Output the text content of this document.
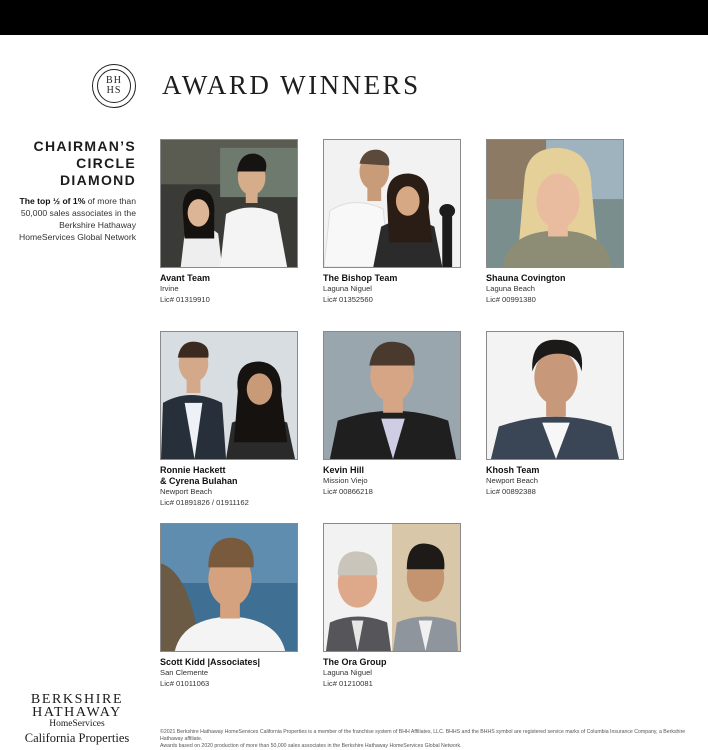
BH
HS AWARD WINNERS
CHAIRMAN’S
CIRCLE
DIAMOND
The top ½ of 1% of more than 50,000 sales associates in the Berkshire Hathaway HomeServices Global Network
Avant Team
Irvine
Lic# 01319910
The Bishop Team
Laguna Niguel
Lic# 01352560
Shauna Covington
Laguna Beach
Lic# 00991380
Ronnie Hackett
& Cyrena Bulahan
Newport Beach
Lic# 01891826 / 01911162
Kevin Hill
Mission Viejo
Lic# 00866218
Khosh Team
Newport Beach
Lic# 00892388
Scott Kidd |Associates|
San Clemente
Lic# 01011063
The Ora Group
Laguna Niguel
Lic# 01210081
BERKSHIRE
HATHAWAY
HomeServices
California Properties	©2021 Berkshire Hathaway HomeServices California Properties is a member of the franchise system of BHH Affiliates, LLC. BHHS and the BHHS symbol are registered service marks of Columbia Insurance Company, a Berkshire Hathaway affiliate.
Awards based on 2020 production of more than 50,000 sales associates in the Berkshire Hathaway HomeServices Global Network.
